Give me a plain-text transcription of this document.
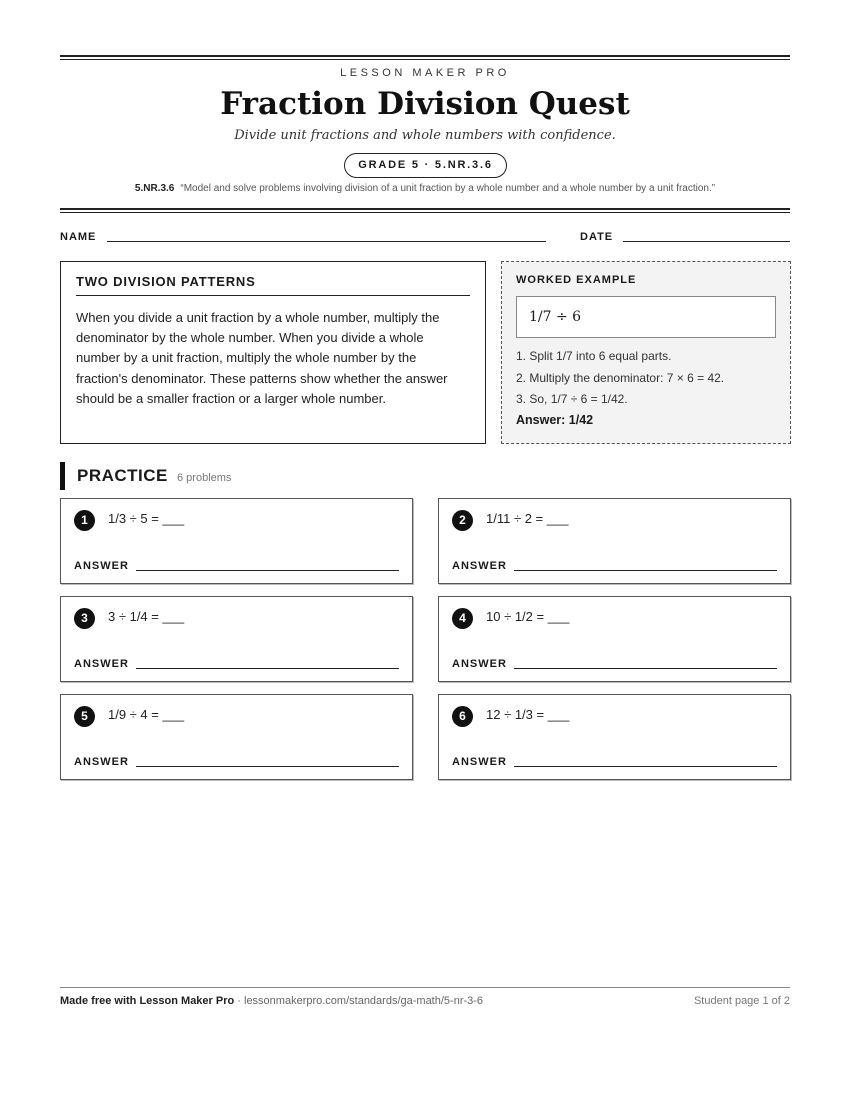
LESSON MAKER PRO
Fraction Division Quest
Divide unit fractions and whole numbers with confidence.
GRADE 5 · 5.NR.3.6
5.NR.3.6 “Model and solve problems involving division of a unit fraction by a whole number and a whole number by a unit fraction.”
NAME	DATE
TWO DIVISION PATTERNS

When you divide a unit fraction by a whole number, multiply the denominator by the whole number. When you divide a whole number by a unit fraction, multiply the whole number by the fraction's denominator. These patterns show whether the answer should be a smaller fraction or a larger whole number.

WORKED EXAMPLE
1/7 ÷ 6
1. Split 1/7 into 6 equal parts.
2. Multiply the denominator: 7 × 6 = 42.
3. So, 1/7 ÷ 6 = 1/42.
Answer: 1/42
PRACTICE 6 problems
1	1/3 ÷ 5 = ___
ANSWER
2	1/11 ÷ 2 = ___
ANSWER
3	3 ÷ 1/4 = ___
ANSWER
4	10 ÷ 1/2 = ___
ANSWER
5	1/9 ÷ 4 = ___
ANSWER
6	12 ÷ 1/3 = ___
ANSWER
Made free with Lesson Maker Pro · lessonmakerpro.com/standards/ga-math/5-nr-3-6	Student page 1 of 2
